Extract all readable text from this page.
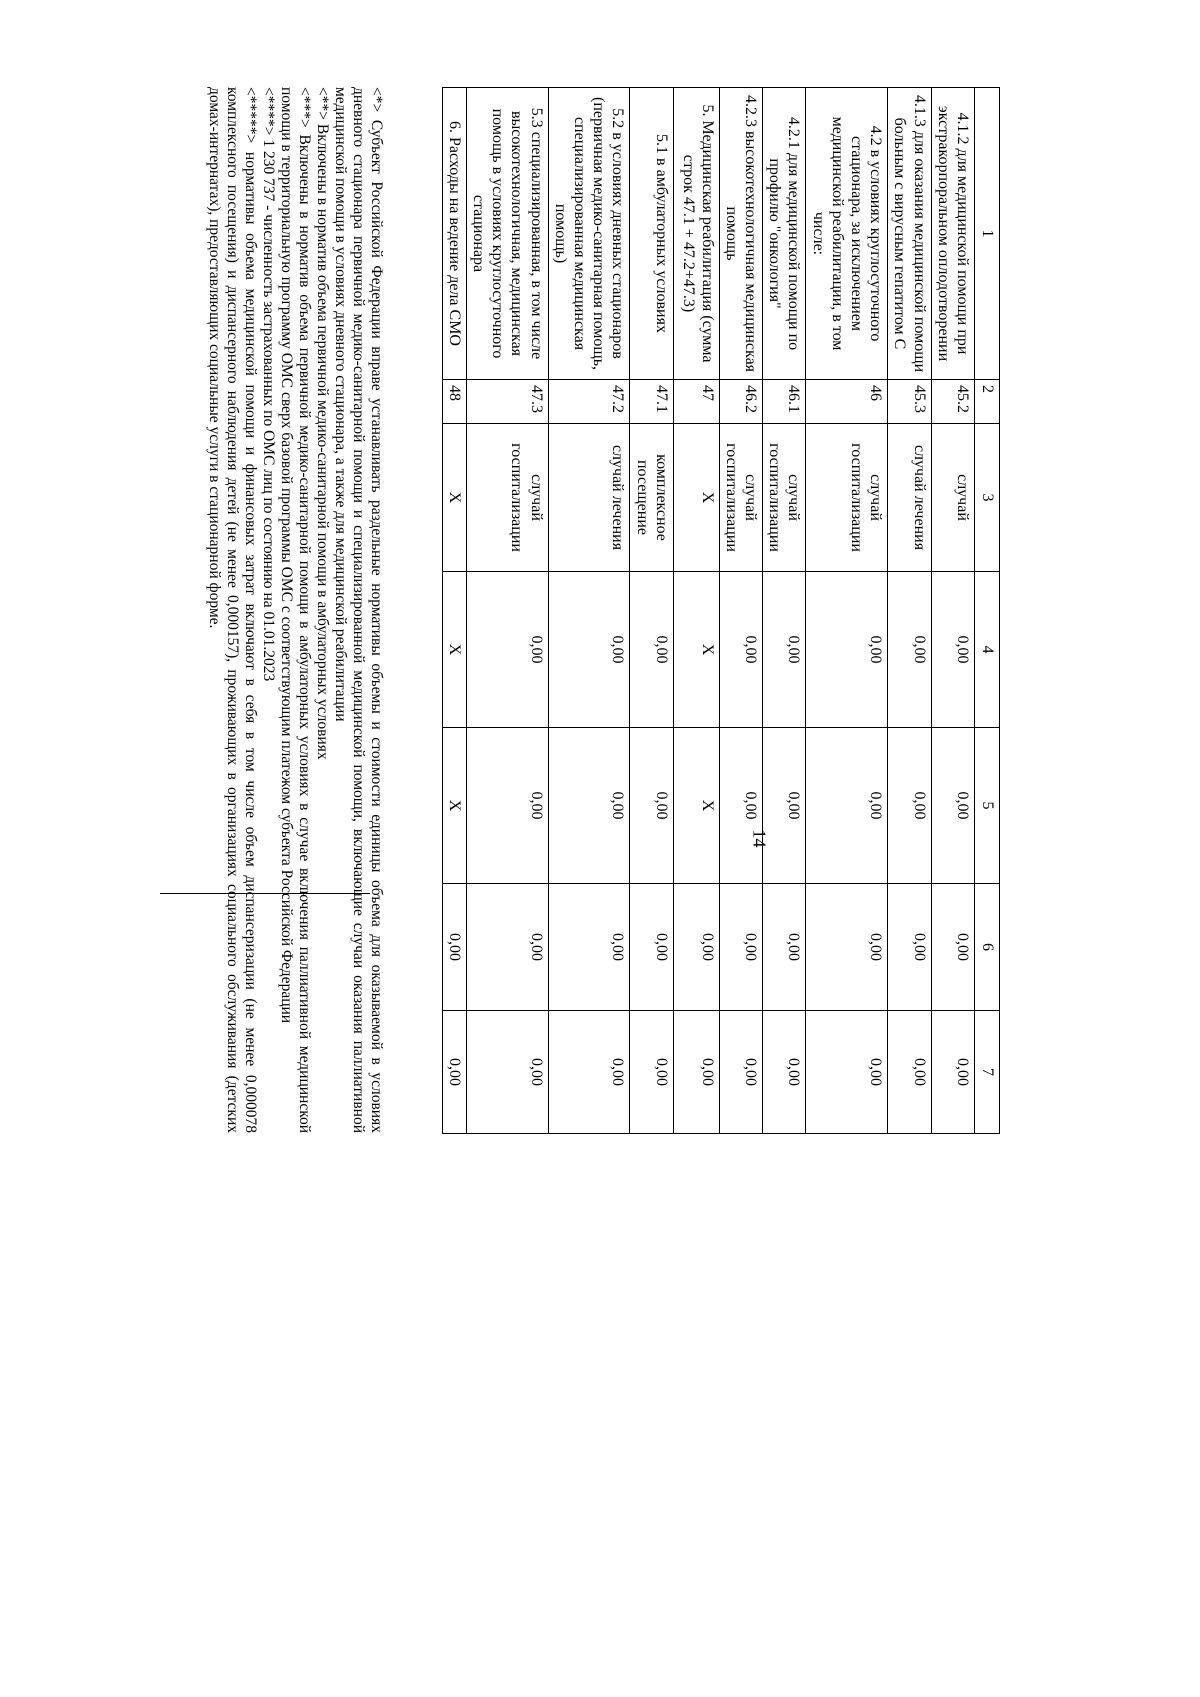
14
1	2	3	4	5	6	7
4.1.2 для медицинской помощи при экстракорпоральном оплодотворении	45.2	случай	0,00	0,00	0,00	0,00
4.1.3 для оказания медицинской помощи больным с вирусным гепатитом С	45.3	случай лечения	0,00	0,00	0,00	0,00
4.2 в условиях круглосуточного стационара, за исключением медицинской реабилитации, в том числе:	46	случай госпитализации	0,00	0,00	0,00	0,00
4.2.1 для медицинской помощи по профилю "онкология"	46.1	случай госпитализации	0,00	0,00	0,00	0,00
4.2.3 высокотехнологичная медицинская помощь	46.2	случай госпитализации	0,00	0,00	0,00	0,00
5. Медицинская реабилитация (сумма строк 47.1 + 47.2+47.3)	47	Х	Х	Х	0,00	0,00
5.1 в амбулаторных условиях	47.1	комплексное посещение	0,00	0,00	0,00	0,00
5.2 в условиях дневных стационаров (первичная медико-санитарная помощь, специализированная медицинская помощь)	47.2	случай лечения	0,00	0,00	0,00	0,00
5.3 специализированная, в том числе высокотехнологичная, медицинская помощь в условиях круглосуточного стационара	47.3	случай госпитализации	0,00	0,00	0,00	0,00
6. Расходы на ведение дела СМО	48	Х	Х	Х	0,00	0,00

<*> Субъект Российской Федерации вправе устанавливать раздельные нормативы объемы и стоимости единицы объема для оказываемой в условиях дневного стационара первичной медико-санитарной помощи и специализированной медицинской помощи, включающие случаи оказания паллиативной медицинской помощи в условиях дневного стационара, а также для медицинской реабилитации

<**> Включены в норматив объема первичной медико-санитарной помощи в амбулаторных условиях

<***> Включены в норматив объема первичной медико-санитарной помощи в амбулаторных условиях в случае включения паллиативной медицинской помощи в территориальную программу ОМС сверх базовой программы ОМС с соответствующим платежом субъекта Российской Федерации

<****> 1 230 737 - численность застрахованных по ОМС лиц по состоянию на 01.01.2023

<*****> нормативы объема медицинской помощи и финансовых затрат включают в себя в том числе объем диспансеризации (не менее 0,000078 комплексного посещения) и диспансерного наблюдения детей (не менее 0,000157), проживающих в организациях социального обслуживания (детских домах-интернатах), предоставляющих социальные услуги в стационарной форме.
